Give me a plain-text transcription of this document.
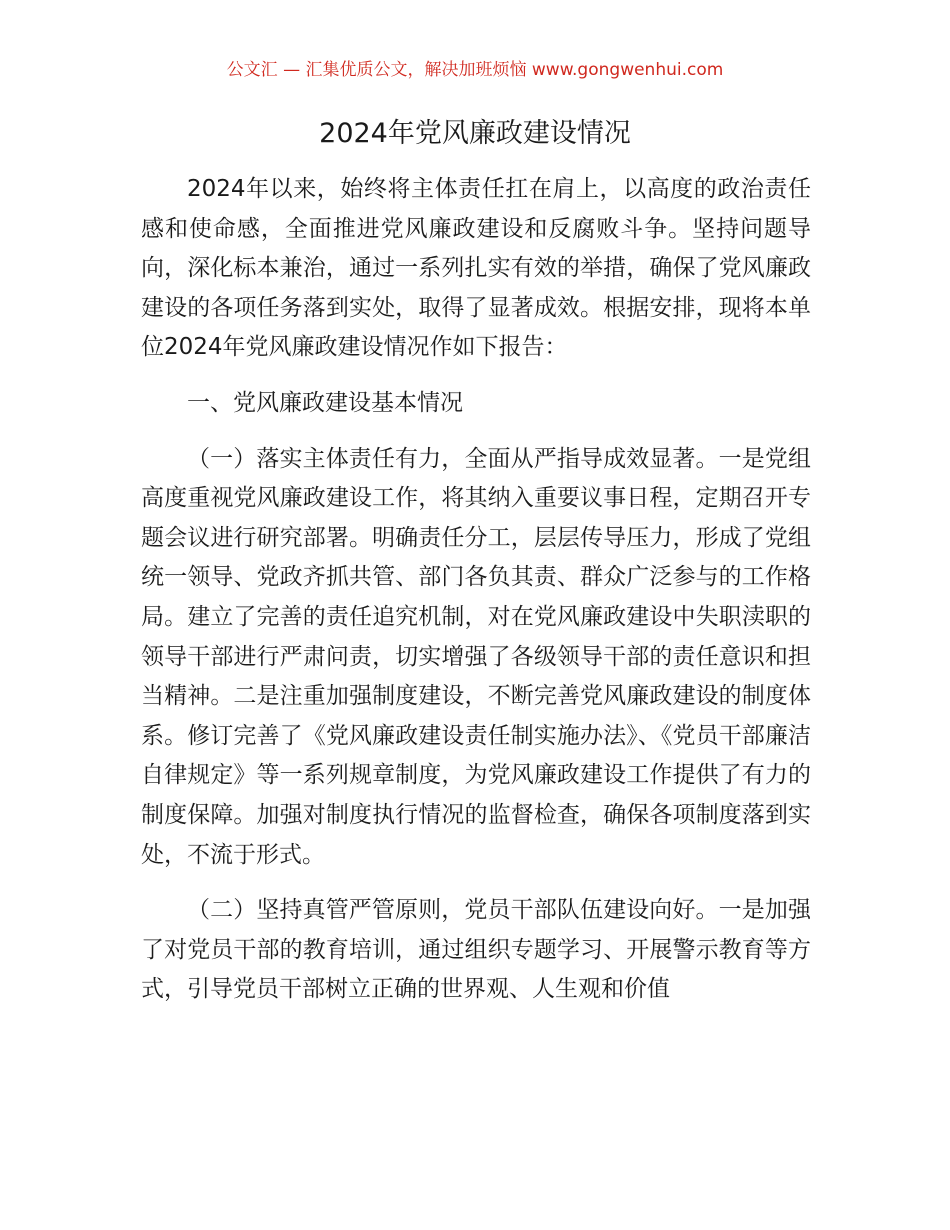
公文汇 — 汇集优质公文，解决加班烦恼 www.gongwenhui.com
2024年党风廉政建设情况

2024年以来，始终将主体责任扛在肩上，以高度的政治责任感和使命感，全面推进党风廉政建设和反腐败斗争。坚持问题导向，深化标本兼治，通过一系列扎实有效的举措，确保了党风廉政建设的各项任务落到实处，取得了显著成效。根据安排，现将本单位2024年党风廉政建设情况作如下报告：

一、党风廉政建设基本情况

（一）落实主体责任有力，全面从严指导成效显著。一是党组高度重视党风廉政建设工作，将其纳入重要议事日程，定期召开专题会议进行研究部署。明确责任分工，层层传导压力，形成了党组统一领导、党政齐抓共管、部门各负其责、群众广泛参与的工作格局。建立了完善的责任追究机制，对在党风廉政建设中失职渎职的领导干部进行严肃问责，切实增强了各级领导干部的责任意识和担当精神。二是注重加强制度建设，不断完善党风廉政建设的制度体系。修订完善了《党风廉政建设责任制实施办法》、《党员干部廉洁自律规定》等一系列规章制度，为党风廉政建设工作提供了有力的制度保障。加强对制度执行情况的监督检查，确保各项制度落到实处，不流于形式。

（二）坚持真管严管原则，党员干部队伍建设向好。一是加强了对党员干部的教育培训，通过组织专题学习、开展警示教育等方式，引导党员干部树立正确的世界观、人生观和价值
